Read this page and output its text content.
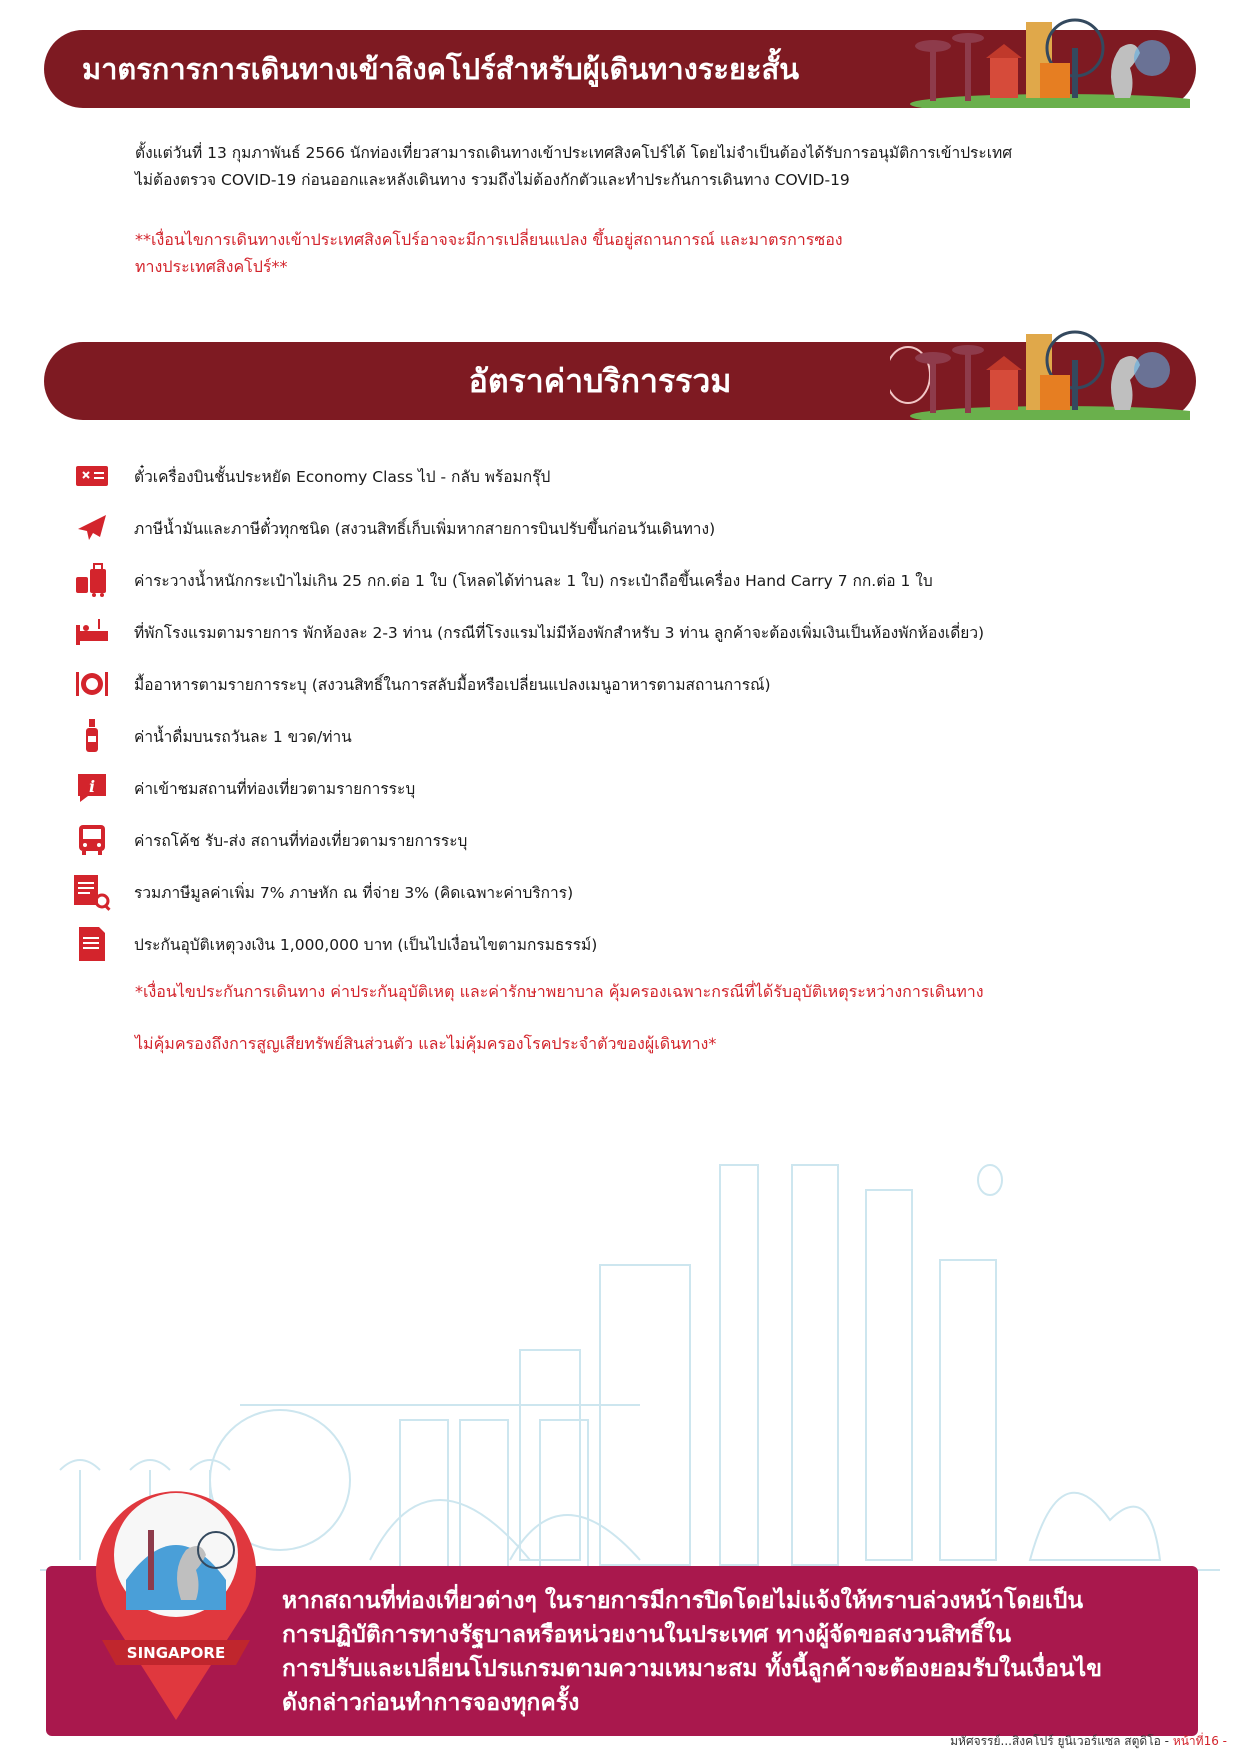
มาตรการการเดินทางเข้าสิงคโปร์สำหรับผู้เดินทางระยะสั้น
ตั้งแต่วันที่ 13 กุมภาพันธ์ 2566 นักท่องเที่ยวสามารถเดินทางเข้าประเทศสิงคโปร์ได้ โดยไม่จำเป็นต้องได้รับการอนุมัติการเข้าประเทศ
ไม่ต้องตรวจ COVID-19 ก่อนออกและหลังเดินทาง รวมถึงไม่ต้องกักตัวและทำประกันการเดินทาง COVID-19
**เงื่อนไขการเดินทางเข้าประเทศสิงคโปร์อาจจะมีการเปลี่ยนแปลง ขึ้นอยู่สถานการณ์ และมาตรการซอง
ทางประเทศสิงคโปร์**
อัตราค่าบริการรวม
ตั๋วเครื่องบินชั้นประหยัด Economy Class ไป - กลับ พร้อมกรุ๊ป
ภาษีน้ำมันและภาษีตั๋วทุกชนิด (สงวนสิทธิ์เก็บเพิ่มหากสายการบินปรับขึ้นก่อนวันเดินทาง)
ค่าระวางน้ำหนักกระเป๋าไม่เกิน 25 กก.ต่อ 1 ใบ (โหลดได้ท่านละ 1 ใบ) กระเป๋าถือขึ้นเครื่อง Hand Carry 7 กก.ต่อ 1 ใบ
ที่พักโรงแรมตามรายการ พักห้องละ 2-3 ท่าน (กรณีที่โรงแรมไม่มีห้องพักสำหรับ 3 ท่าน ลูกค้าจะต้องเพิ่มเงินเป็นห้องพักห้องเดี่ยว)
มื้ออาหารตามรายการระบุ (สงวนสิทธิ์ในการสลับมื้อหรือเปลี่ยนแปลงเมนูอาหารตามสถานการณ์)
ค่าน้ำดื่มบนรถวันละ 1 ขวด/ท่าน
i	ค่าเข้าชมสถานที่ท่องเที่ยวตามรายการระบุ
ค่ารถโค้ช รับ-ส่ง สถานที่ท่องเที่ยวตามรายการระบุ
รวมภาษีมูลค่าเพิ่ม 7% ภาษหัก ณ ที่จ่าย 3% (คิดเฉพาะค่าบริการ)
ประกันอุบัติเหตุวงเงิน 1,000,000 บาท (เป็นไปเงื่อนไขตามกรมธรรม์)
*เงื่อนไขประกันการเดินทาง ค่าประกันอุบัติเหตุ และค่ารักษาพยาบาล คุ้มครองเฉพาะกรณีที่ได้รับอุบัติเหตุระหว่างการเดินทาง
ไม่คุ้มครองถึงการสูญเสียทรัพย์สินส่วนตัว และไม่คุ้มครองโรคประจำตัวของผู้เดินทาง*
หากสถานที่ท่องเที่ยวต่างๆ ในรายการมีการปิดโดยไม่แจ้งให้ทราบล่วงหน้าโดยเป็น
การปฏิบัติการทางรัฐบาลหรือหน่วยงานในประเทศ ทางผู้จัดขอสงวนสิทธิ์ใน
การปรับและเปลี่ยนโปรแกรมตามความเหมาะสม ทั้งนี้ลูกค้าจะต้องยอมรับในเงื่อนไข
ดังกล่าวก่อนทำการจองทุกครั้ง
SINGAPORE
มหัศจรรย์...สิงคโปร์ ยูนิเวอร์แซล สตูดิโอ - หน้าที่16 -
